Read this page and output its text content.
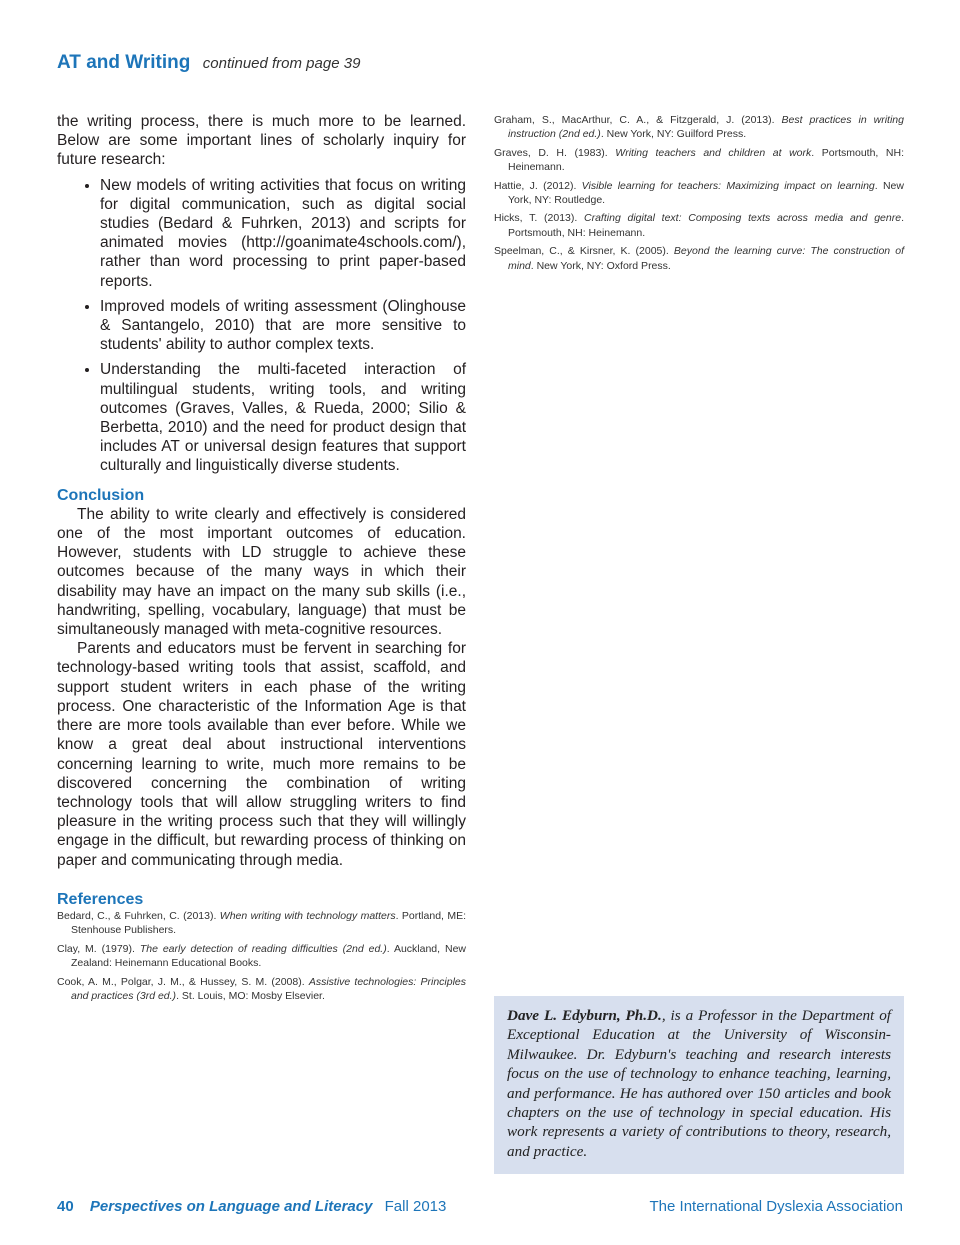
AT and Writing continued from page 39

the writing process, there is much more to be learned. Below are some important lines of scholarly inquiry for future research:

• New models of writing activities that focus on writing for digital communication, such as digital social studies (Bedard & Fuhrken, 2013) and scripts for animated movies (http://goanimate4schools.com/), rather than word processing to print paper-based reports.
• Improved models of writing assessment (Olinghouse & Santangelo, 2010) that are more sensitive to students' ability to author complex texts.
• Understanding the multi-faceted interaction of multilingual students, writing tools, and writing outcomes (Graves, Valles, & Rueda, 2000; Silio & Berbetta, 2010) and the need for product design that includes AT or universal design features that support culturally and linguistically diverse students.
Conclusion

The ability to write clearly and effectively is considered one of the most important outcomes of education. However, students with LD struggle to achieve these outcomes because of the many ways in which their disability may have an impact on the many sub skills (i.e., handwriting, spelling, vocabulary, language) that must be simultaneously managed with meta-cognitive resources.

Parents and educators must be fervent in searching for technology-based writing tools that assist, scaffold, and support student writers in each phase of the writing process. One characteristic of the Information Age is that there are more tools available than ever before. While we know a great deal about instructional interventions concerning learning to write, much more remains to be discovered concerning the combination of writing technology tools that will allow struggling writers to find pleasure in the writing process such that they will willingly engage in the difficult, but rewarding process of thinking on paper and communicating through media.

References
Bedard, C., & Fuhrken, C. (2013). When writing with technology matters. Portland, ME: Stenhouse Publishers.
Clay, M. (1979). The early detection of reading difficulties (2nd ed.). Auckland, New Zealand: Heinemann Educational Books.
Cook, A. M., Polgar, J. M., & Hussey, S. M. (2008). Assistive technologies: Principles and practices (3rd ed.). St. Louis, MO: Mosby Elsevier.
Graham, S., MacArthur, C. A., & Fitzgerald, J. (2013). Best practices in writing instruction (2nd ed.). New York, NY: Guilford Press.
Graves, D. H. (1983). Writing teachers and children at work. Portsmouth, NH: Heinemann.
Hattie, J. (2012). Visible learning for teachers: Maximizing impact on learning. New York, NY: Routledge.
Hicks, T. (2013). Crafting digital text: Composing texts across media and genre. Portsmouth, NH: Heinemann.
Speelman, C., & Kirsner, K. (2005). Beyond the learning curve: The construction of mind. New York, NY: Oxford Press.
Dave L. Edyburn, Ph.D., is a Professor in the Department of Exceptional Education at the University of Wisconsin-Milwaukee. Dr. Edyburn's teaching and research interests focus on the use of technology to enhance teaching, learning, and performance. He has authored over 150 articles and book chapters on the use of technology in special education. His work represents a variety of contributions to theory, research, and practice.
40 Perspectives on Language and Literacy Fall 2013	The International Dyslexia Association
